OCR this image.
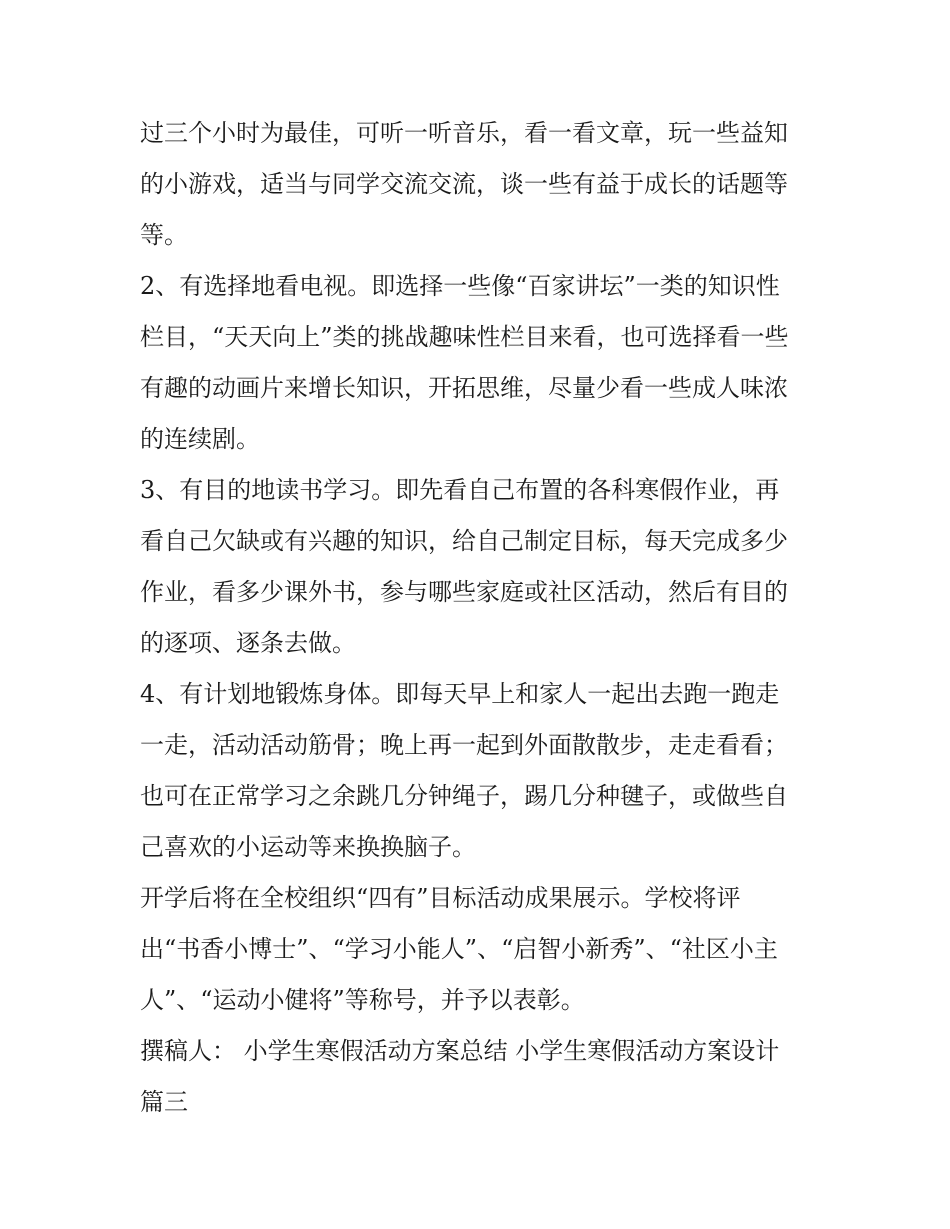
过三个小时为最佳，可听一听音乐，看一看文章，玩一些益知
的小游戏，适当与同学交流交流，谈一些有益于成长的话题等
等。
2、有选择地看电视。即选择一些像“百家讲坛”一类的知识性
栏目，“天天向上”类的挑战趣味性栏目来看，也可选择看一些
有趣的动画片来增长知识，开拓思维，尽量少看一些成人味浓
的连续剧。
3、有目的地读书学习。即先看自己布置的各科寒假作业，再
看自己欠缺或有兴趣的知识，给自己制定目标，每天完成多少
作业，看多少课外书，参与哪些家庭或社区活动，然后有目的
的逐项、逐条去做。
4、有计划地锻炼身体。即每天早上和家人一起出去跑一跑走
一走，活动活动筋骨；晚上再一起到外面散散步，走走看看；
也可在正常学习之余跳几分钟绳子，踢几分种毽子，或做些自
己喜欢的小运动等来换换脑子。
开学后将在全校组织“四有”目标活动成果展示。学校将评
出“书香小博士”、“学习小能人”、“启智小新秀”、“社区小主
人”、“运动小健将”等称号，并予以表彰。
撰稿人： 小学生寒假活动方案总结 小学生寒假活动方案设计
篇三
